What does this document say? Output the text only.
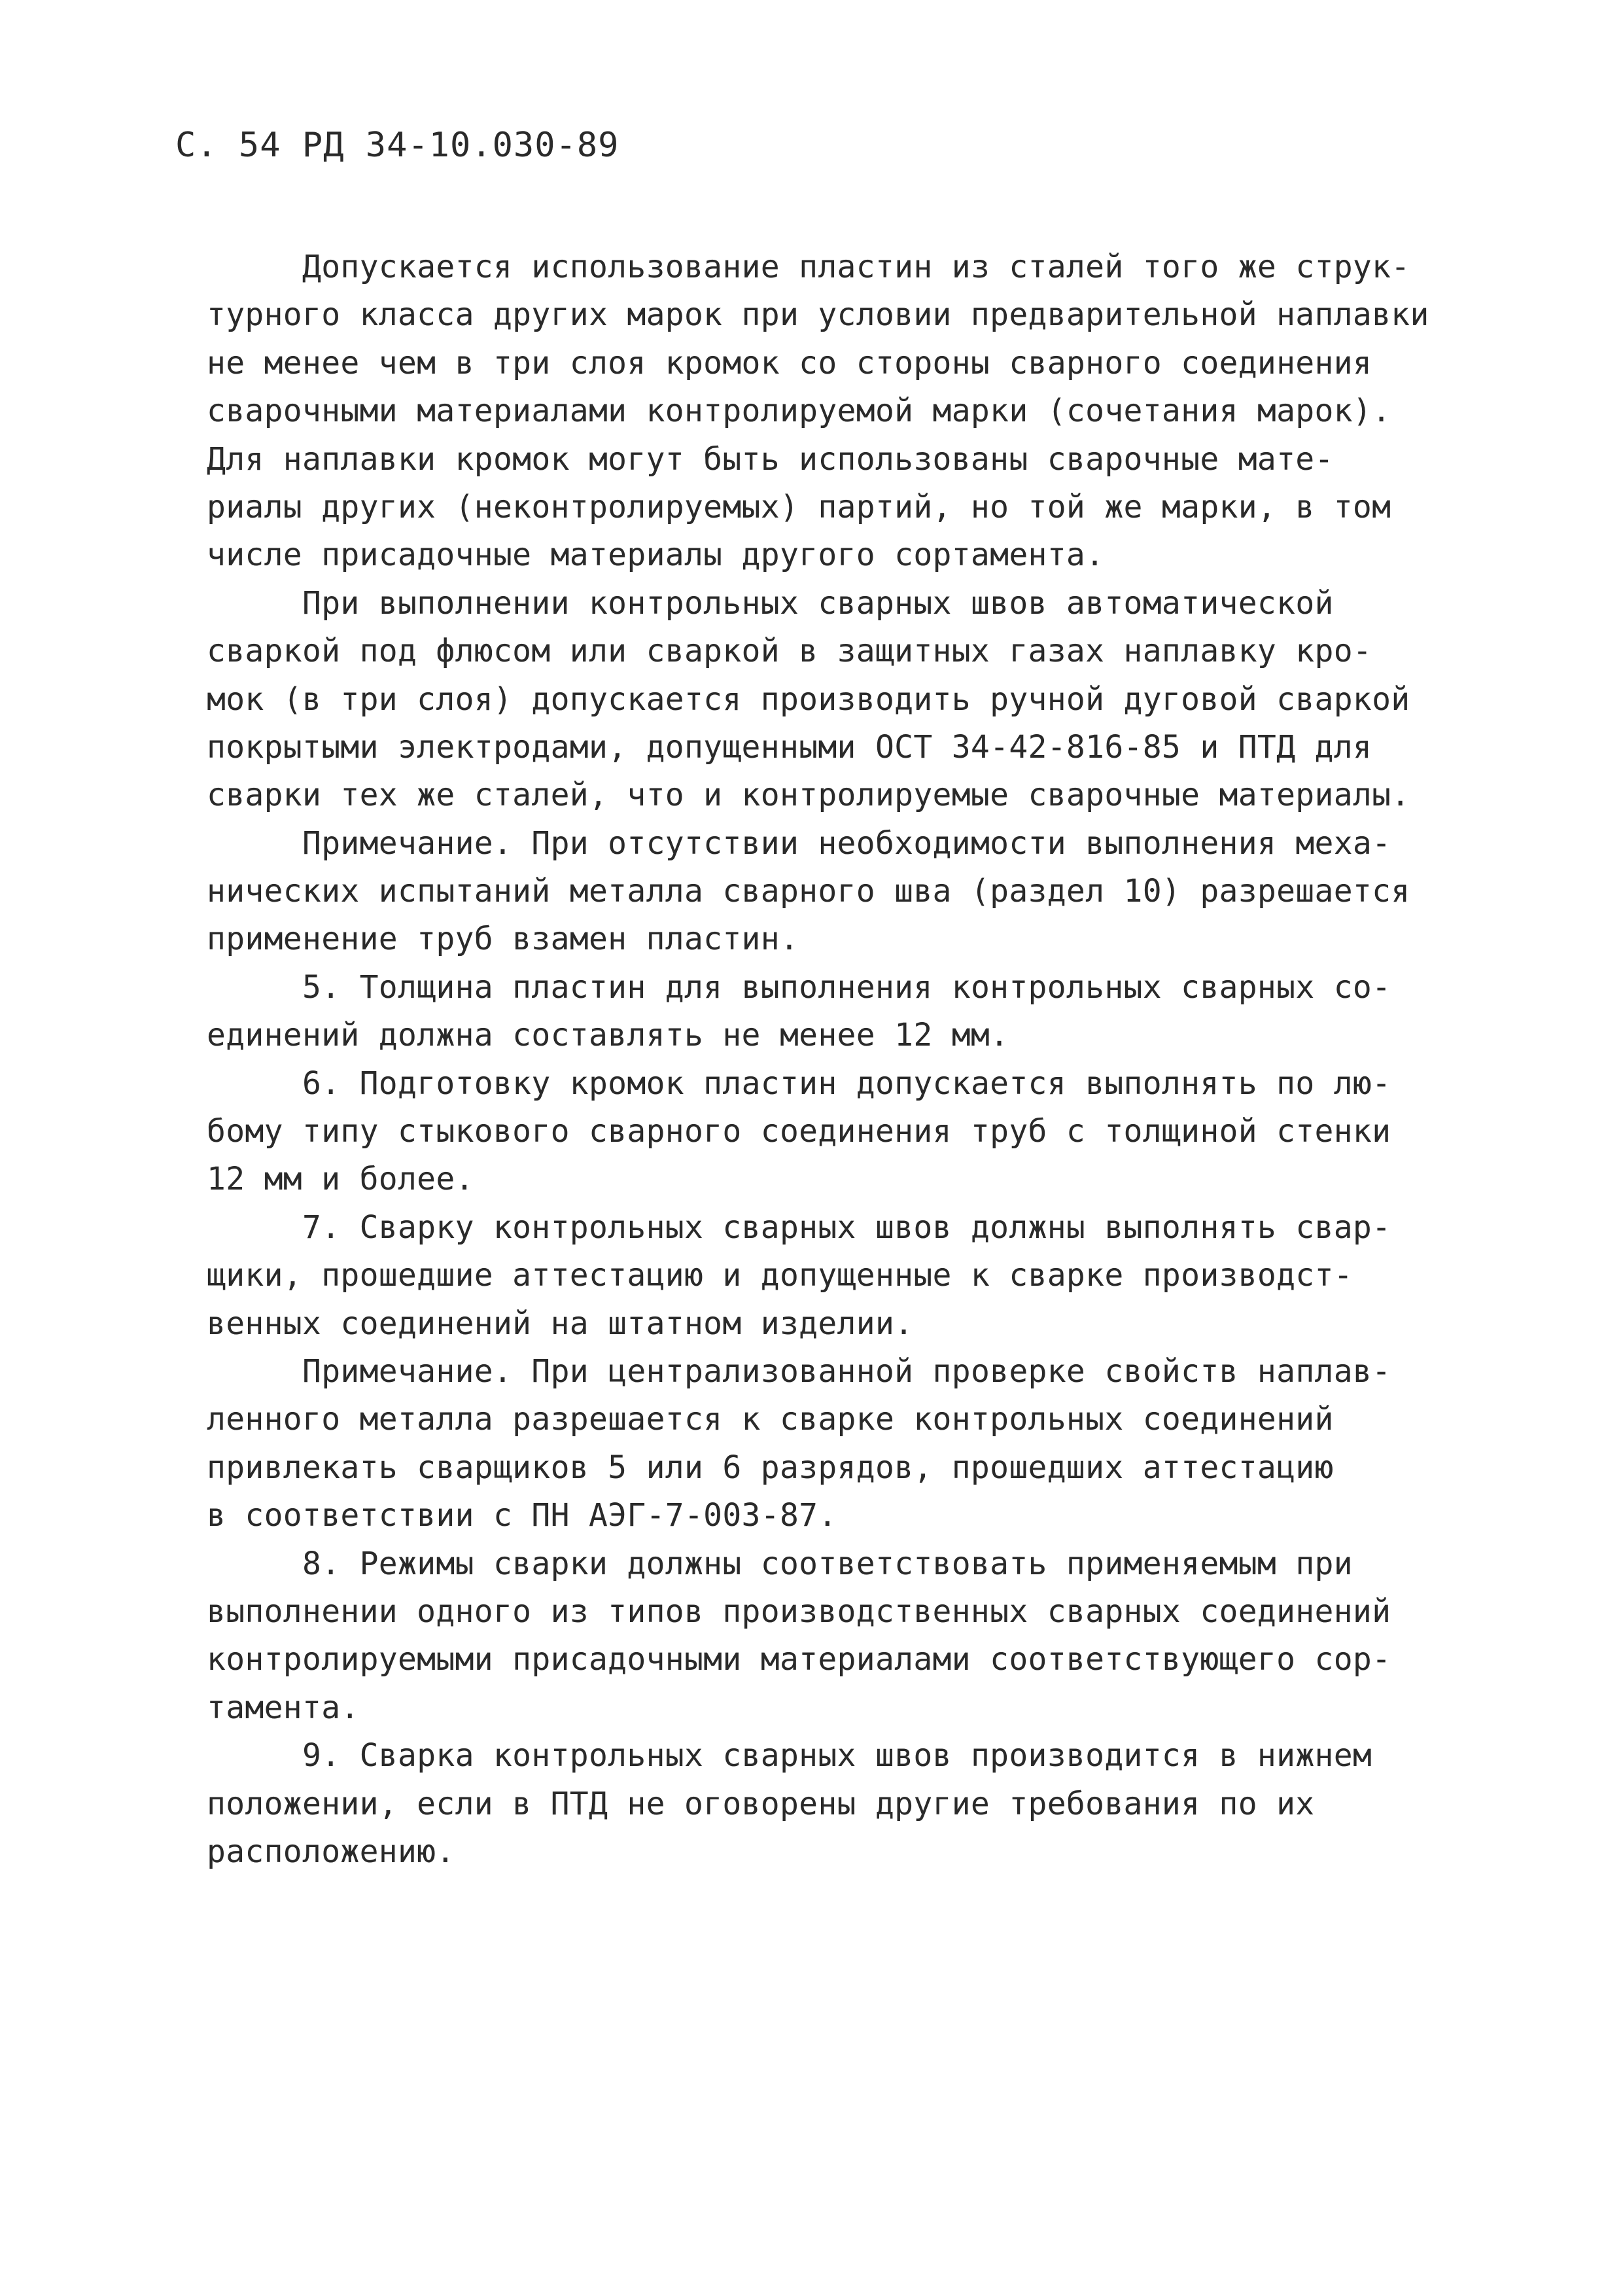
С. 54 РД 34-10.030-89
Допускается использование пластин из сталей того же струк-
турного класса других марок при условии предварительной наплавки
не менее чем в три слоя кромок со стороны сварного соединения
сварочными материалами контролируемой марки (сочетания марок).
Для наплавки кромок могут быть использованы сварочные мате-
риалы других (неконтролируемых) партий, но той же марки, в том
числе присадочные материалы другого сортамента.
При выполнении контрольных сварных швов автоматической
сваркой под флюсом или сваркой в защитных газах наплавку кро-
мок (в три слоя) допускается производить ручной дуговой сваркой
покрытыми электродами, допущенными ОСТ 34-42-816-85 и ПТД для
сварки тех же сталей, что и контролируемые сварочные материалы.
Примечание. При отсутствии необходимости выполнения меха-
нических испытаний металла сварного шва (раздел 10) разрешается
применение труб взамен пластин.
5. Толщина пластин для выполнения контрольных сварных со-
единений должна составлять не менее 12 мм.
6. Подготовку кромок пластин допускается выполнять по лю-
бому типу стыкового сварного соединения труб с толщиной стенки
12 мм и более.
7. Сварку контрольных сварных швов должны выполнять свар-
щики, прошедшие аттестацию и допущенные к сварке производст-
венных соединений на штатном изделии.
Примечание. При централизованной проверке свойств наплав-
ленного металла разрешается к сварке контрольных соединений
привлекать сварщиков 5 или 6 разрядов, прошедших аттестацию
в соответствии с ПН АЭГ-7-003-87.
8. Режимы сварки должны соответствовать применяемым при
выполнении одного из типов производственных сварных соединений
контролируемыми присадочными материалами соответствующего сор-
тамента.
9. Сварка контрольных сварных швов производится в нижнем
положении, если в ПТД не оговорены другие требования по их
расположению.
